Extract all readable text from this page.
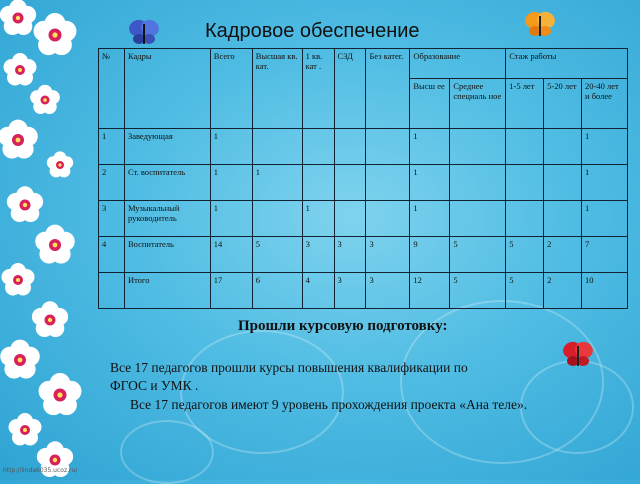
Кадровое обеспечение
№	Кадры	Всего	Высшая кв. кат.	1 кв. кат .	СЗД	Без катег.	Образование		Стаж работы		
							Высш ее	Среднее специаль ное	1-5 лет	5-20 лет	20-40 лет и более
1	Заведующая	1					1				1
2	Ст. воспитатель	1	1				1				1
3	Музыкальный руководитель	1		1			1				1
4	Воспитатель	14	5	3	3	3	9	5	5	2	7
	Итого	17	6	4	3	3	12	5	5	2	10
Прошли курсовую подготовку:
Все 17 педагогов прошли курсы повышения квалификации по
ФГОС и УМК .
Все 17 педагогов имеют 9 уровень прохождения проекта «Ана теле».
http://linda6035.ucoz.ru/
